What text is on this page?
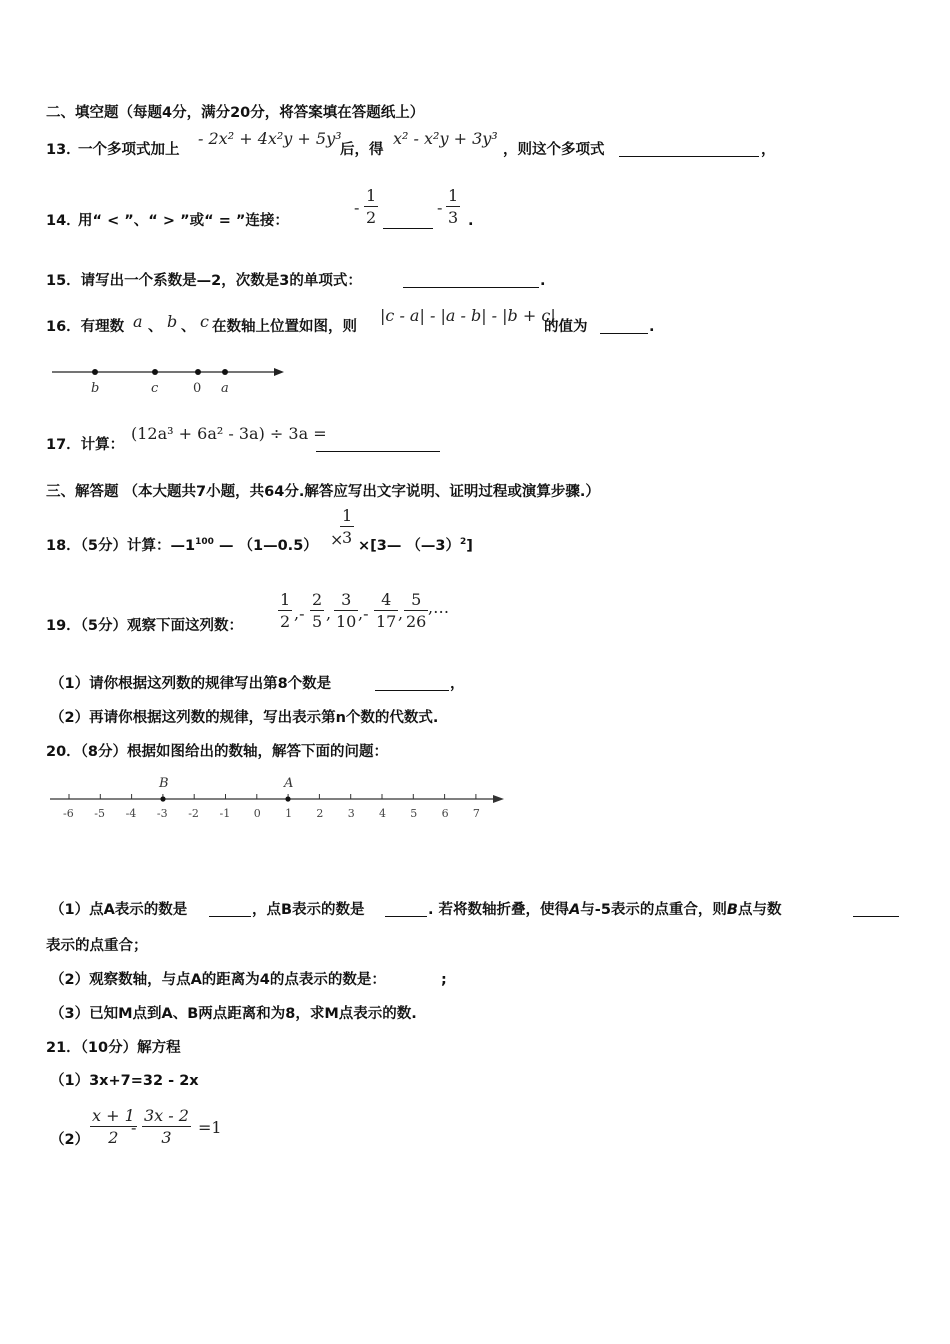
二、填空题（每题4分，满分20分，将答案填在答题纸上）
13．
一个多项式加上
- 2x² + 4x²y + 5y³
后，得
x² - x²y + 3y³
，则这个多项式	，
14．
用“ < ”、“ > ”或“ = ”连接：
-
1
2
-
1
3 .
15．请写出一个系数是—2，次数是3的单项式：	.
16．有理数 a 、 b 、 c 在数轴上位置如图，则
|c - a| - |a - b| - |b + c|
的值为	.
b	c	0 a
17．计算：
(12a³ + 6a² - 3a) ÷ 3a =
三、解答题 （本大题共7小题，共64分.解答应写出文字说明、证明过程或演算步骤.）
18．（5分）计算：$—1^{100}$ — （1—0.5） ×
1
3 ×[3— （—3）$^2$]
19．（5分）观察下面这列数：
1
2 ,-
2
5 ,
3
10 ,-
4
17 ,
5
26
,…
（1）请你根据这列数的规律写出第8个数是	，
（2）再请你根据这列数的规律，写出表示第n个数的代数式.
20．（8分）根据如图给出的数轴，解答下面的问题：
-6 -5 -4 -3 -2 -1 0 1 2 3 4 5 6 7
B	A
（1）点A表示的数是	，点B表示的数是	. 若将数轴折叠，使得A与-5表示的点重合，则B点与数
表示的点重合；
（2）观察数轴，与点A的距离为4的点表示的数是：	;
（3）已知M点到A、B两点距离和为8，求M点表示的数.
21．（10分）解方程
（1）3x+7=32 - 2x
（2）
x + 1
2
-
3x - 2
3
=1
